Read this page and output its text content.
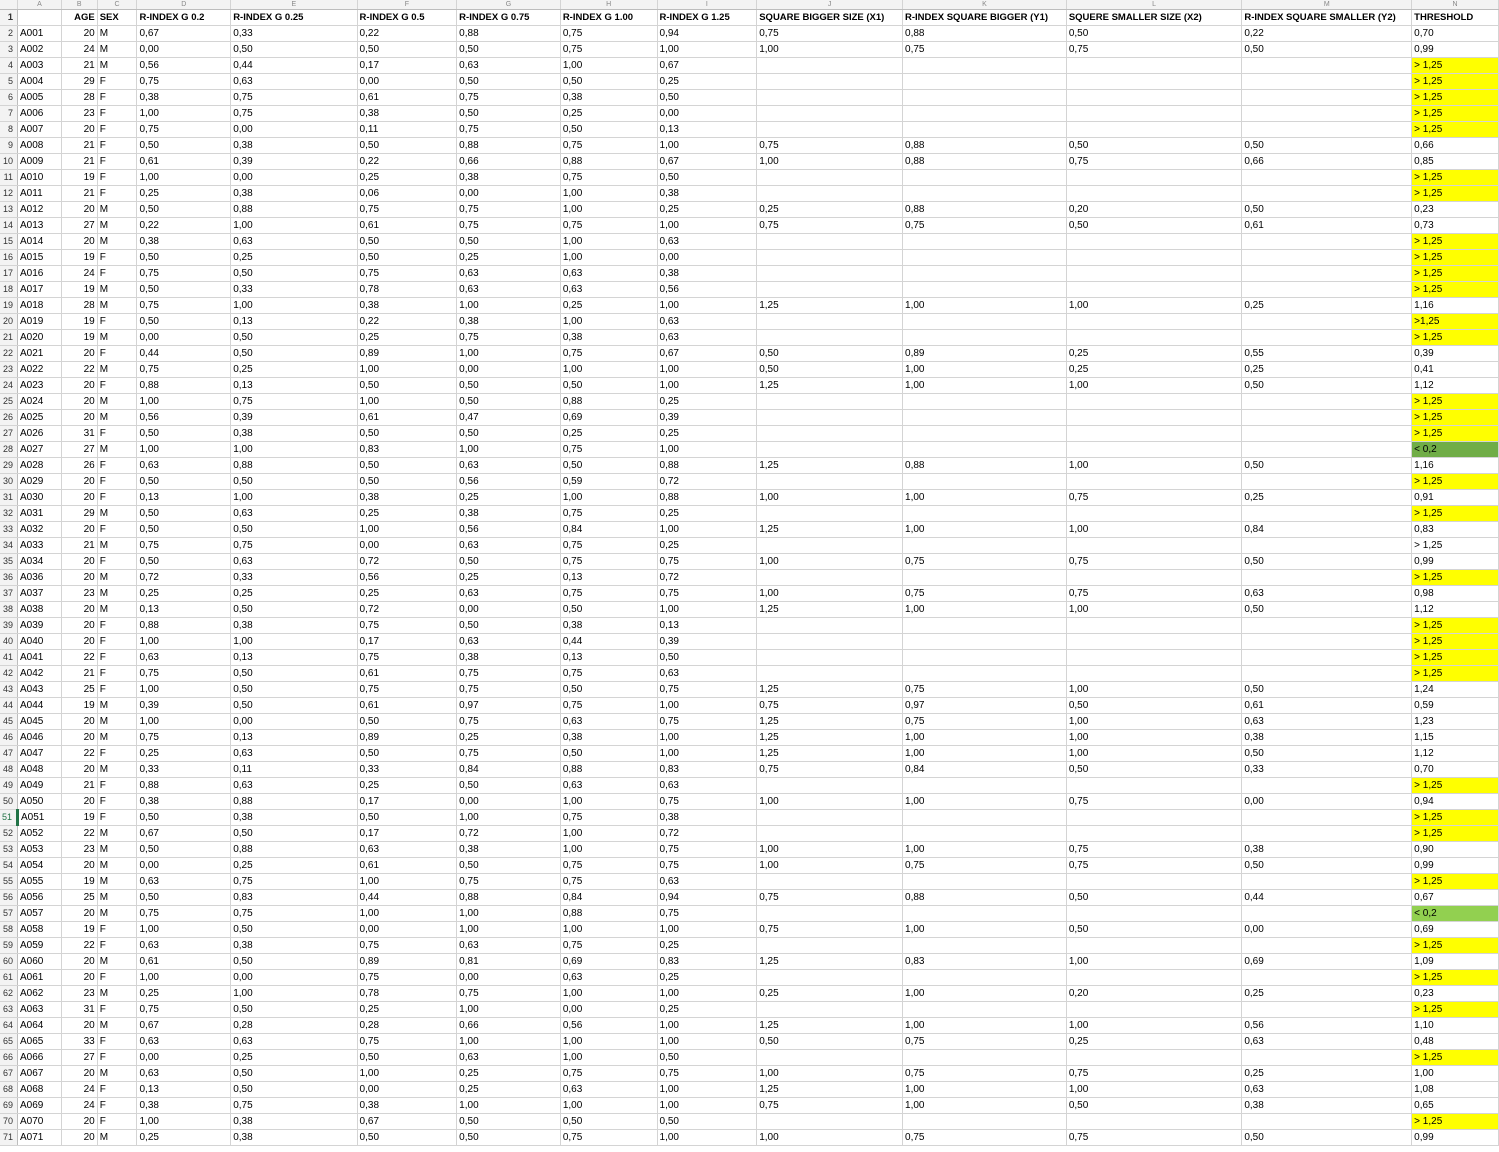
	A	B	C	D	E	F	G	H	I	J	K	L	M	N
1		AGE	SEX	R-INDEX G 0.2	R-INDEX G 0.25	R-INDEX G 0.5	R-INDEX G 0.75	R-INDEX G 1.00	R-INDEX G 1.25	SQUARE BIGGER SIZE (X1)	R-INDEX SQUARE BIGGER (Y1)	SQUERE SMALLER SIZE (X2)	R-INDEX SQUARE SMALLER (Y2)	THRESHOLD
2	A001	20	M	0,67	0,33	0,22	0,88	0,75	0,94	0,75	0,88	0,50	0,22	0,70
3	A002	24	M	0,00	0,50	0,50	0,50	0,75	1,00	1,00	0,75	0,75	0,50	0,99
4	A003	21	M	0,56	0,44	0,17	0,63	1,00	0,67					> 1,25
5	A004	29	F	0,75	0,63	0,00	0,50	0,50	0,25					> 1,25
6	A005	28	F	0,38	0,75	0,61	0,75	0,38	0,50					> 1,25
7	A006	23	F	1,00	0,75	0,38	0,50	0,25	0,00					> 1,25
8	A007	20	F	0,75	0,00	0,11	0,75	0,50	0,13					> 1,25
9	A008	21	F	0,50	0,38	0,50	0,88	0,75	1,00	0,75	0,88	0,50	0,50	0,66
10	A009	21	F	0,61	0,39	0,22	0,66	0,88	0,67	1,00	0,88	0,75	0,66	0,85
11	A010	19	F	1,00	0,00	0,25	0,38	0,75	0,50					> 1,25
12	A011	21	F	0,25	0,38	0,06	0,00	1,00	0,38					> 1,25
13	A012	20	M	0,50	0,88	0,75	0,75	1,00	0,25	0,25	0,88	0,20	0,50	0,23
14	A013	27	M	0,22	1,00	0,61	0,75	0,75	1,00	0,75	0,75	0,50	0,61	0,73
15	A014	20	M	0,38	0,63	0,50	0,50	1,00	0,63					> 1,25
16	A015	19	F	0,50	0,25	0,50	0,25	1,00	0,00					> 1,25
17	A016	24	F	0,75	0,50	0,75	0,63	0,63	0,38					> 1,25
18	A017	19	M	0,50	0,33	0,78	0,63	0,63	0,56					> 1,25
19	A018	28	M	0,75	1,00	0,38	1,00	0,25	1,00	1,25	1,00	1,00	0,25	1,16
20	A019	19	F	0,50	0,13	0,22	0,38	1,00	0,63					>1,25
21	A020	19	M	0,00	0,50	0,25	0,75	0,38	0,63					> 1,25
22	A021	20	F	0,44	0,50	0,89	1,00	0,75	0,67	0,50	0,89	0,25	0,55	0,39
23	A022	22	M	0,75	0,25	1,00	0,00	1,00	1,00	0,50	1,00	0,25	0,25	0,41
24	A023	20	F	0,88	0,13	0,50	0,50	0,50	1,00	1,25	1,00	1,00	0,50	1,12
25	A024	20	M	1,00	0,75	1,00	0,50	0,88	0,25					> 1,25
26	A025	20	M	0,56	0,39	0,61	0,47	0,69	0,39					> 1,25
27	A026	31	F	0,50	0,38	0,50	0,50	0,25	0,25					> 1,25
28	A027	27	M	1,00	1,00	0,83	1,00	0,75	1,00					< 0,2
29	A028	26	F	0,63	0,88	0,50	0,63	0,50	0,88	1,25	0,88	1,00	0,50	1,16
30	A029	20	F	0,50	0,50	0,50	0,56	0,59	0,72					> 1,25
31	A030	20	F	0,13	1,00	0,38	0,25	1,00	0,88	1,00	1,00	0,75	0,25	0,91
32	A031	29	M	0,50	0,63	0,25	0,38	0,75	0,25					> 1,25
33	A032	20	F	0,50	0,50	1,00	0,56	0,84	1,00	1,25	1,00	1,00	0,84	0,83
34	A033	21	M	0,75	0,75	0,00	0,63	0,75	0,25					> 1,25
35	A034	20	F	0,50	0,63	0,72	0,50	0,75	0,75	1,00	0,75	0,75	0,50	0,99
36	A036	20	M	0,72	0,33	0,56	0,25	0,13	0,72					> 1,25
37	A037	23	M	0,25	0,25	0,25	0,63	0,75	0,75	1,00	0,75	0,75	0,63	0,98
38	A038	20	M	0,13	0,50	0,72	0,00	0,50	1,00	1,25	1,00	1,00	0,50	1,12
39	A039	20	F	0,88	0,38	0,75	0,50	0,38	0,13					> 1,25
40	A040	20	F	1,00	1,00	0,17	0,63	0,44	0,39					> 1,25
41	A041	22	F	0,63	0,13	0,75	0,38	0,13	0,50					> 1,25
42	A042	21	F	0,75	0,50	0,61	0,75	0,75	0,63					> 1,25
43	A043	25	F	1,00	0,50	0,75	0,75	0,50	0,75	1,25	0,75	1,00	0,50	1,24
44	A044	19	M	0,39	0,50	0,61	0,97	0,75	1,00	0,75	0,97	0,50	0,61	0,59
45	A045	20	M	1,00	0,00	0,50	0,75	0,63	0,75	1,25	0,75	1,00	0,63	1,23
46	A046	20	M	0,75	0,13	0,89	0,25	0,38	1,00	1,25	1,00	1,00	0,38	1,15
47	A047	22	F	0,25	0,63	0,50	0,75	0,50	1,00	1,25	1,00	1,00	0,50	1,12
48	A048	20	M	0,33	0,11	0,33	0,84	0,88	0,83	0,75	0,84	0,50	0,33	0,70
49	A049	21	F	0,88	0,63	0,25	0,50	0,63	0,63					> 1,25
50	A050	20	F	0,38	0,88	0,17	0,00	1,00	0,75	1,00	1,00	0,75	0,00	0,94
51	A051	19	F	0,50	0,38	0,50	1,00	0,75	0,38					> 1,25
52	A052	22	M	0,67	0,50	0,17	0,72	1,00	0,72					> 1,25
53	A053	23	M	0,50	0,88	0,63	0,38	1,00	0,75	1,00	1,00	0,75	0,38	0,90
54	A054	20	M	0,00	0,25	0,61	0,50	0,75	0,75	1,00	0,75	0,75	0,50	0,99
55	A055	19	M	0,63	0,75	1,00	0,75	0,75	0,63					> 1,25
56	A056	25	M	0,50	0,83	0,44	0,88	0,84	0,94	0,75	0,88	0,50	0,44	0,67
57	A057	20	M	0,75	0,75	1,00	1,00	0,88	0,75					< 0,2
58	A058	19	F	1,00	0,50	0,00	1,00	1,00	1,00	0,75	1,00	0,50	0,00	0,69
59	A059	22	F	0,63	0,38	0,75	0,63	0,75	0,25					> 1,25
60	A060	20	M	0,61	0,50	0,89	0,81	0,69	0,83	1,25	0,83	1,00	0,69	1,09
61	A061	20	F	1,00	0,00	0,75	0,00	0,63	0,25					> 1,25
62	A062	23	M	0,25	1,00	0,78	0,75	1,00	1,00	0,25	1,00	0,20	0,25	0,23
63	A063	31	F	0,75	0,50	0,25	1,00	0,00	0,25					> 1,25
64	A064	20	M	0,67	0,28	0,28	0,66	0,56	1,00	1,25	1,00	1,00	0,56	1,10
65	A065	33	F	0,63	0,63	0,75	1,00	1,00	1,00	0,50	0,75	0,25	0,63	0,48
66	A066	27	F	0,00	0,25	0,50	0,63	1,00	0,50					> 1,25
67	A067	20	M	0,63	0,50	1,00	0,25	0,75	0,75	1,00	0,75	0,75	0,25	1,00
68	A068	24	F	0,13	0,50	0,00	0,25	0,63	1,00	1,25	1,00	1,00	0,63	1,08
69	A069	24	F	0,38	0,75	0,38	1,00	1,00	1,00	0,75	1,00	0,50	0,38	0,65
70	A070	20	F	1,00	0,38	0,67	0,50	0,50	0,50					> 1,25
71	A071	20	M	0,25	0,38	0,50	0,50	0,75	1,00	1,00	0,75	0,75	0,50	0,99
